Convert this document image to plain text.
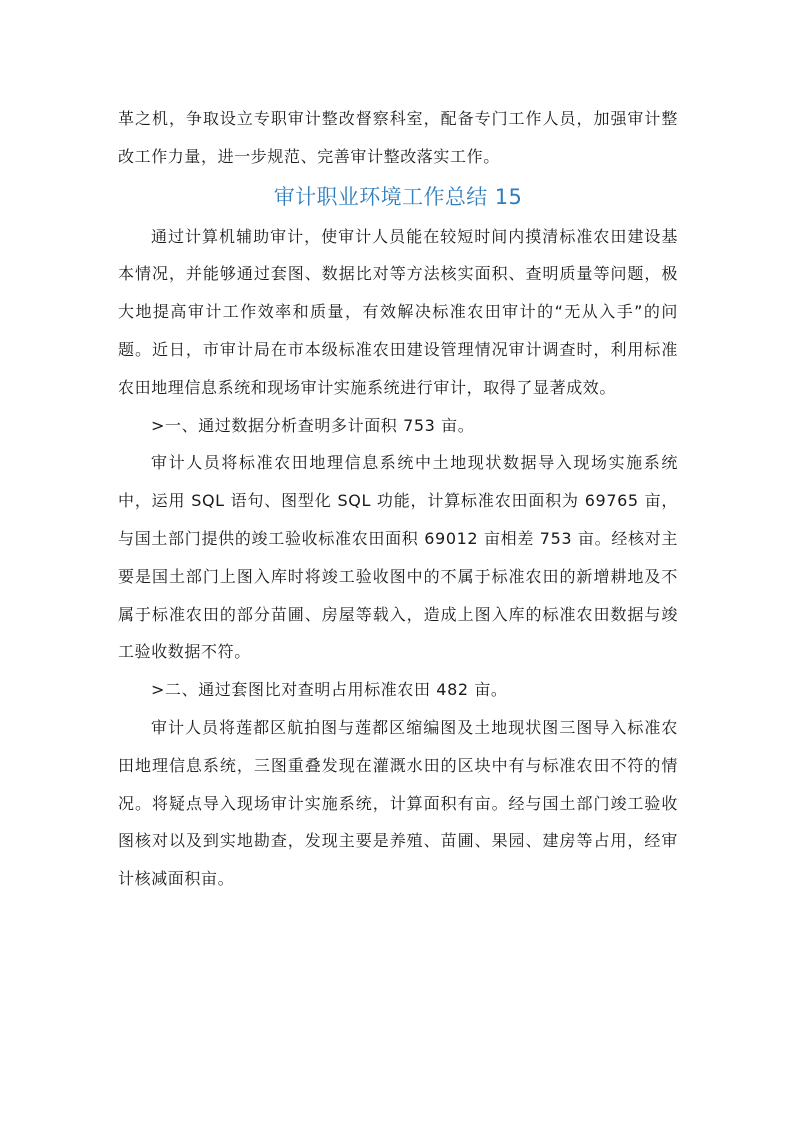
革之机，争取设立专职审计整改督察科室，配备专门工作人员，加强审计整改工作力量，进一步规范、完善审计整改落实工作。

审计职业环境工作总结 15

通过计算机辅助审计，使审计人员能在较短时间内摸清标准农田建设基本情况，并能够通过套图、数据比对等方法核实面积、查明质量等问题，极大地提高审计工作效率和质量，有效解决标准农田审计的“无从入手”的问题。近日，市审计局在市本级标准农田建设管理情况审计调查时，利用标准农田地理信息系统和现场审计实施系统进行审计，取得了显著成效。

>一、通过数据分析查明多计面积 753 亩。

审计人员将标准农田地理信息系统中土地现状数据导入现场实施系统中，运用 SQL 语句、图型化 SQL 功能，计算标准农田面积为 69765 亩，与国土部门提供的竣工验收标准农田面积 69012 亩相差 753 亩。经核对主要是国土部门上图入库时将竣工验收图中的不属于标准农田的新增耕地及不属于标准农田的部分苗圃、房屋等载入，造成上图入库的标准农田数据与竣工验收数据不符。

>二、通过套图比对查明占用标准农田 482 亩。

审计人员将莲都区航拍图与莲都区缩编图及土地现状图三图导入标准农田地理信息系统，三图重叠发现在灌溉水田的区块中有与标准农田不符的情况。将疑点导入现场审计实施系统，计算面积有亩。经与国土部门竣工验收图核对以及到实地勘查，发现主要是养殖、苗圃、果园、建房等占用，经审计核减面积亩。
